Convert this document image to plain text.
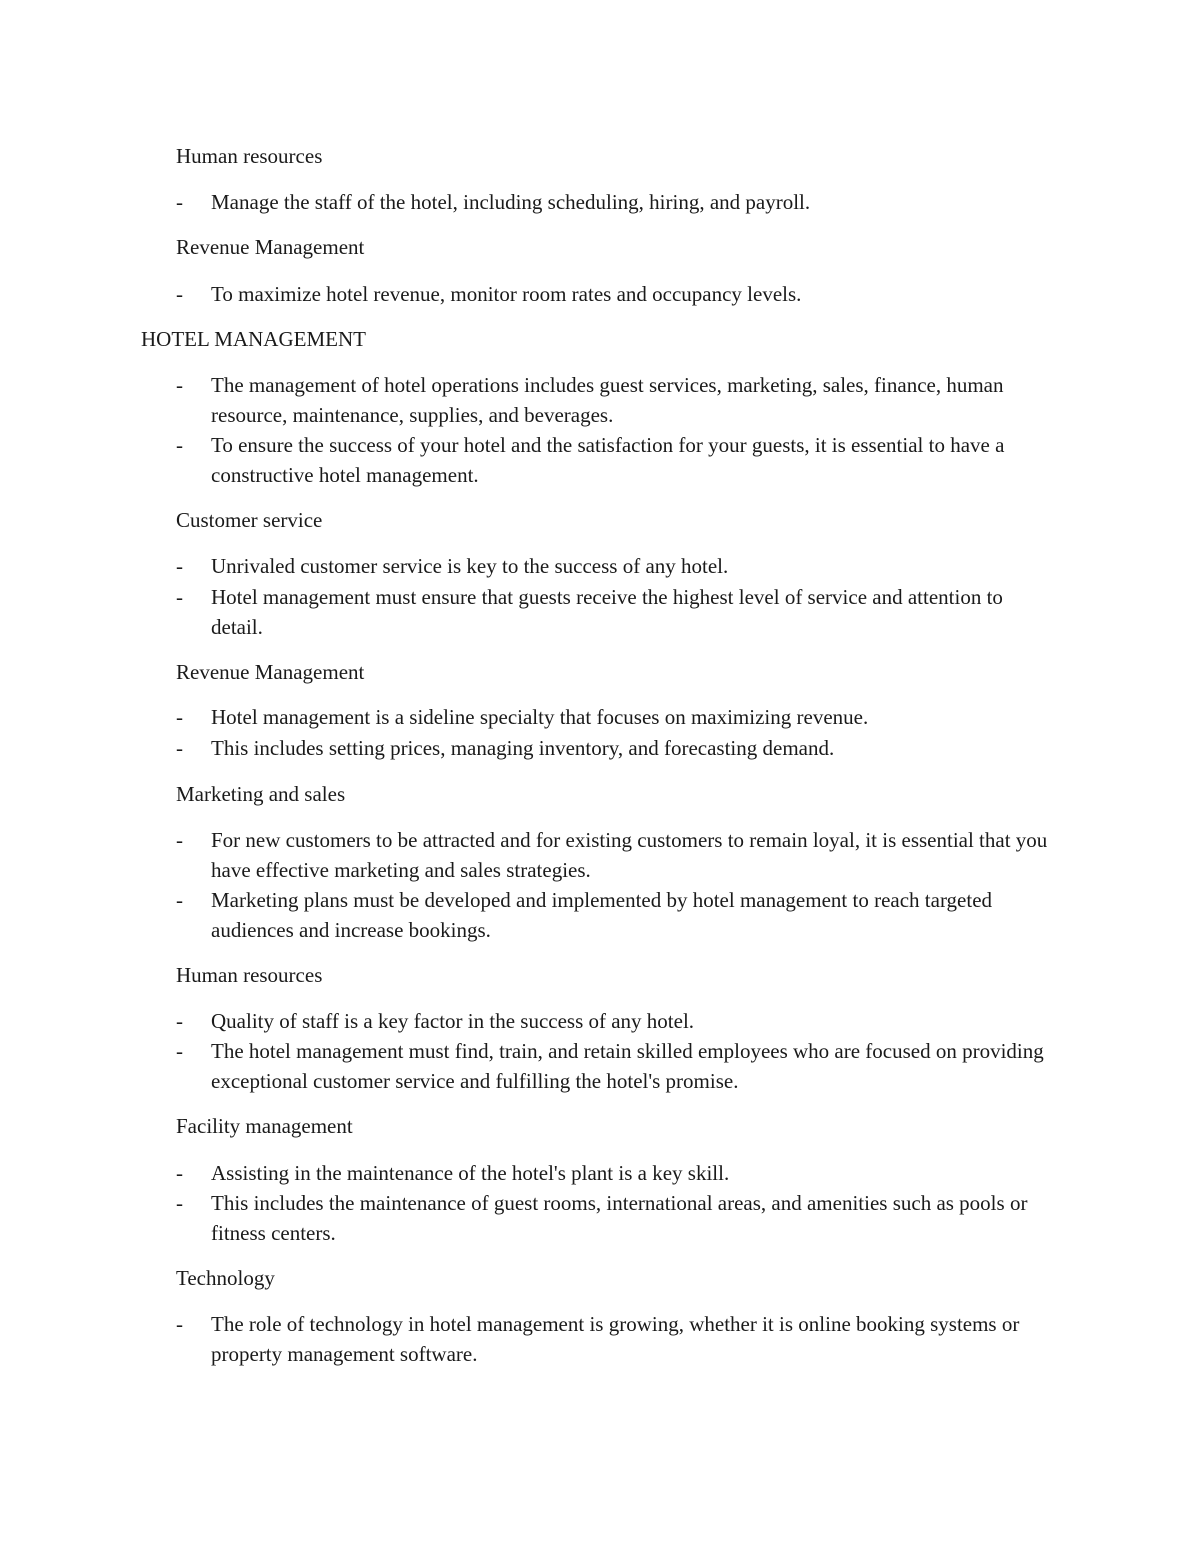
Human resources
- Manage the staff of the hotel, including scheduling, hiring, and payroll.
Revenue Management
- To maximize hotel revenue, monitor room rates and occupancy levels.
HOTEL MANAGEMENT
- The management of hotel operations includes guest services, marketing, sales, finance, human resource, maintenance, supplies, and beverages.
- To ensure the success of your hotel and the satisfaction for your guests, it is essential to have a constructive hotel management.
Customer service
- Unrivaled customer service is key to the success of any hotel.
- Hotel management must ensure that guests receive the highest level of service and attention to detail.
Revenue Management
- Hotel management is a sideline specialty that focuses on maximizing revenue.
- This includes setting prices, managing inventory, and forecasting demand.
Marketing and sales
- For new customers to be attracted and for existing customers to remain loyal, it is essential that you have effective marketing and sales strategies.
- Marketing plans must be developed and implemented by hotel management to reach targeted audiences and increase bookings.
Human resources
- Quality of staff is a key factor in the success of any hotel.
- The hotel management must find, train, and retain skilled employees who are focused on providing exceptional customer service and fulfilling the hotel's promise.
Facility management
- Assisting in the maintenance of the hotel's plant is a key skill.
- This includes the maintenance of guest rooms, international areas, and amenities such as pools or fitness centers.
Technology
- The role of technology in hotel management is growing, whether it is online booking systems or property management software.
